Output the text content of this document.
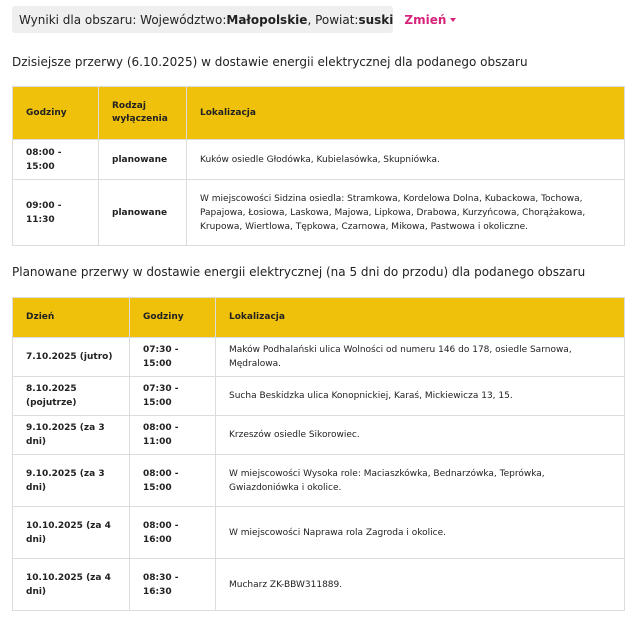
Wyniki dla obszaru: Województwo: Małopolskie , Powiat: suski Zmień
Dzisiejsze przerwy (6.10.2025) w dostawie energii elektrycznej dla podanego obszaru
Godziny	Rodzaj wyłączenia	Lokalizacja
08:00 - 15:00	planowane	Kuków osiedle Głodówka, Kubielasówka, Skupniówka.
09:00 - 11:30	planowane	W miejscowości Sidzina osiedla: Stramkowa, Kordelowa Dolna, Kubackowa, Tochowa, Papajowa, Łosiowa, Laskowa, Majowa, Lipkowa, Drabowa, Kurzyńcowa, Chorążakowa, Krupowa, Wiertlowa, Tępkowa, Czarnowa, Mikowa, Pastwowa i okoliczne.
Planowane przerwy w dostawie energii elektrycznej (na 5 dni do przodu) dla podanego obszaru
Dzień	Godziny	Lokalizacja
7.10.2025 (jutro)	07:30 - 15:00	Maków Podhalański ulica Wolności od numeru 146 do 178, osiedle Sarnowa, Mędralowa.
8.10.2025 (pojutrze)	07:30 - 15:00	Sucha Beskidzka ulica Konopnickiej, Karaś, Mickiewicza 13, 15.
9.10.2025 (za 3 dni)	08:00 - 11:00	Krzeszów osiedle Sikorowiec.
9.10.2025 (za 3 dni)	08:00 - 15:00	W miejscowości Wysoka role: Maciaszkówka, Bednarzówka, Teprówka, Gwiazdoniówka i okolice.
10.10.2025 (za 4 dni)	08:00 - 16:00	W miejscowości Naprawa rola Zagroda i okolice.
10.10.2025 (za 4 dni)	08:30 - 16:30	Mucharz ZK-BBW311889.
